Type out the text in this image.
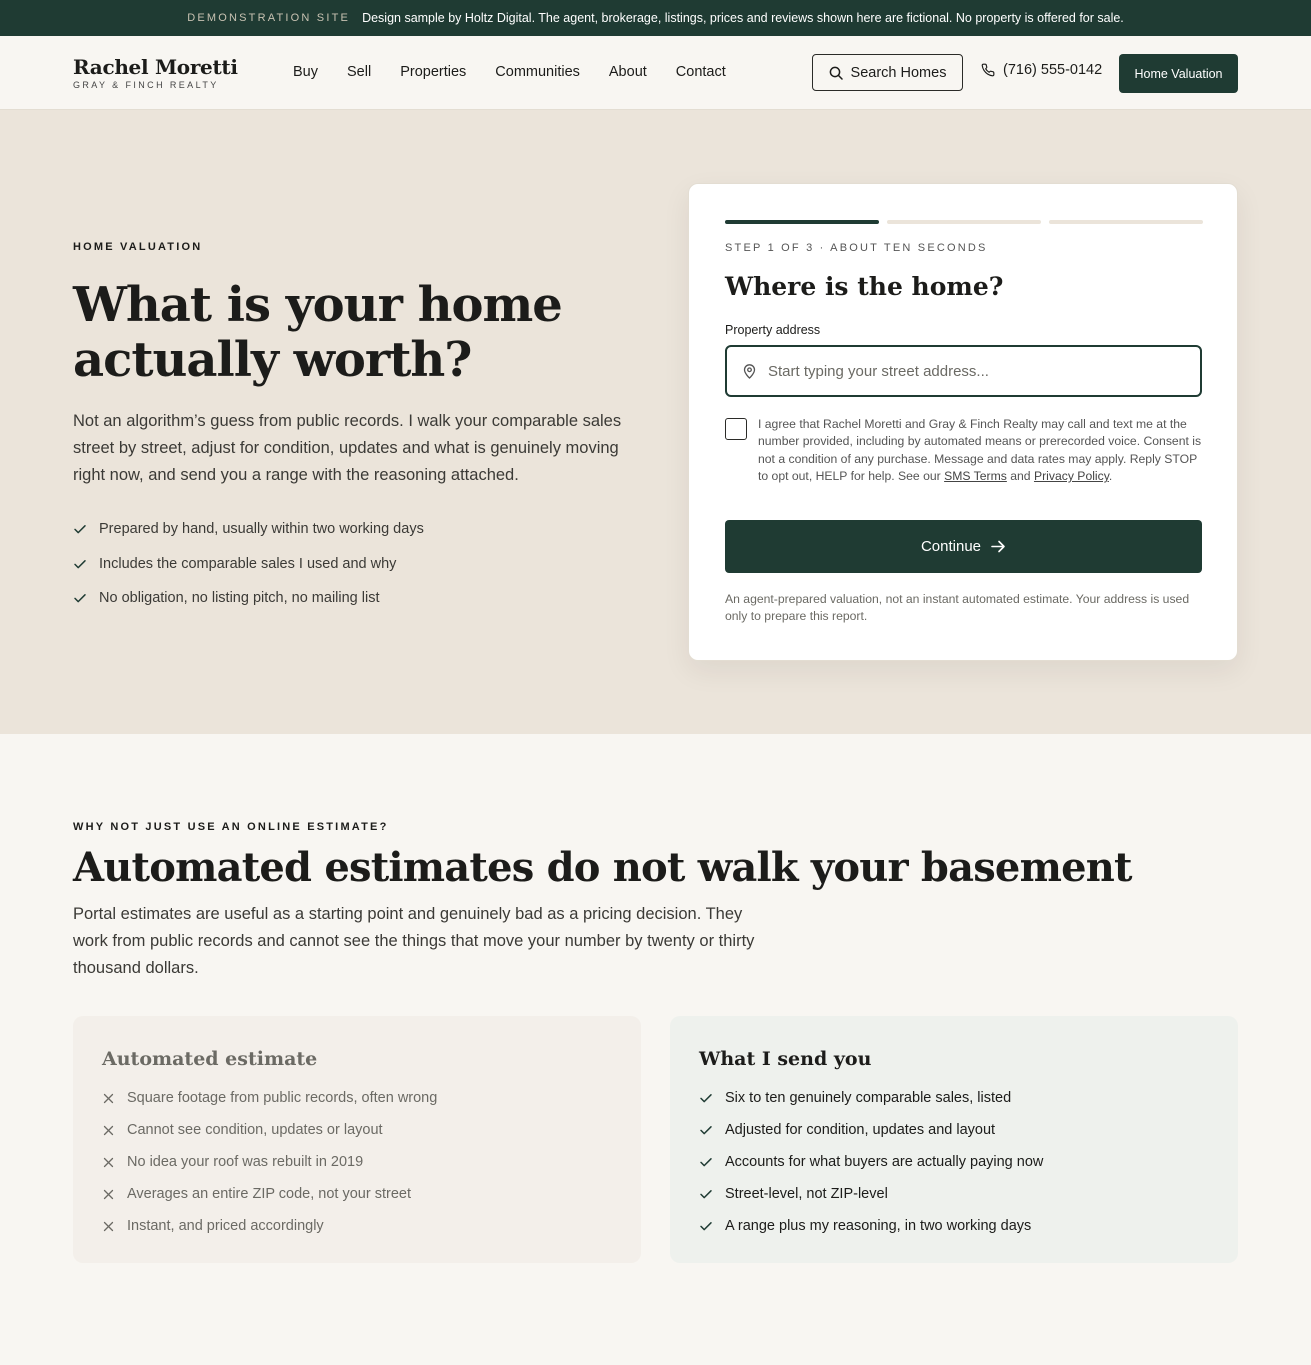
DEMONSTRATION SITE Design sample by Holtz Digital. The agent, brokerage, listings, prices and reviews shown here are fictional. No property is offered for sale.
Rachel Moretti
GRAY & FINCH REALTY
Buy Sell Properties Communities About Contact	Search Homes	(716) 555-0142	Home Valuation
HOME VALUATION
What is your home
actually worth?

Not an algorithm’s guess from public records. I walk your comparable sales street by street, adjust for condition, updates and what is genuinely moving right now, and send you a range with the reasoning attached.

Prepared by hand, usually within two working days
Includes the comparable sales I used and why
No obligation, no listing pitch, no mailing list
STEP 1 OF 3 · ABOUT TEN SECONDS
Where is the home?
Property address
Start typing your street address...

I agree that Rachel Moretti and Gray & Finch Realty may call and text me at the number provided, including by automated means or prerecorded voice. Consent is not a condition of any purchase. Message and data rates may apply. Reply STOP to opt out, HELP for help. See our SMS Terms and Privacy Policy.

Continue

An agent-prepared valuation, not an instant automated estimate. Your address is used only to prepare this report.

WHY NOT JUST USE AN ONLINE ESTIMATE?
Automated estimates do not walk your basement

Portal estimates are useful as a starting point and genuinely bad as a pricing decision. They work from public records and cannot see the things that move your number by twenty or thirty thousand dollars.

Automated estimate
Square footage from public records, often wrong
Cannot see condition, updates or layout
No idea your roof was rebuilt in 2019
Averages an entire ZIP code, not your street
Instant, and priced accordingly
What I send you
Six to ten genuinely comparable sales, listed
Adjusted for condition, updates and layout
Accounts for what buyers are actually paying now
Street-level, not ZIP-level
A range plus my reasoning, in two working days
